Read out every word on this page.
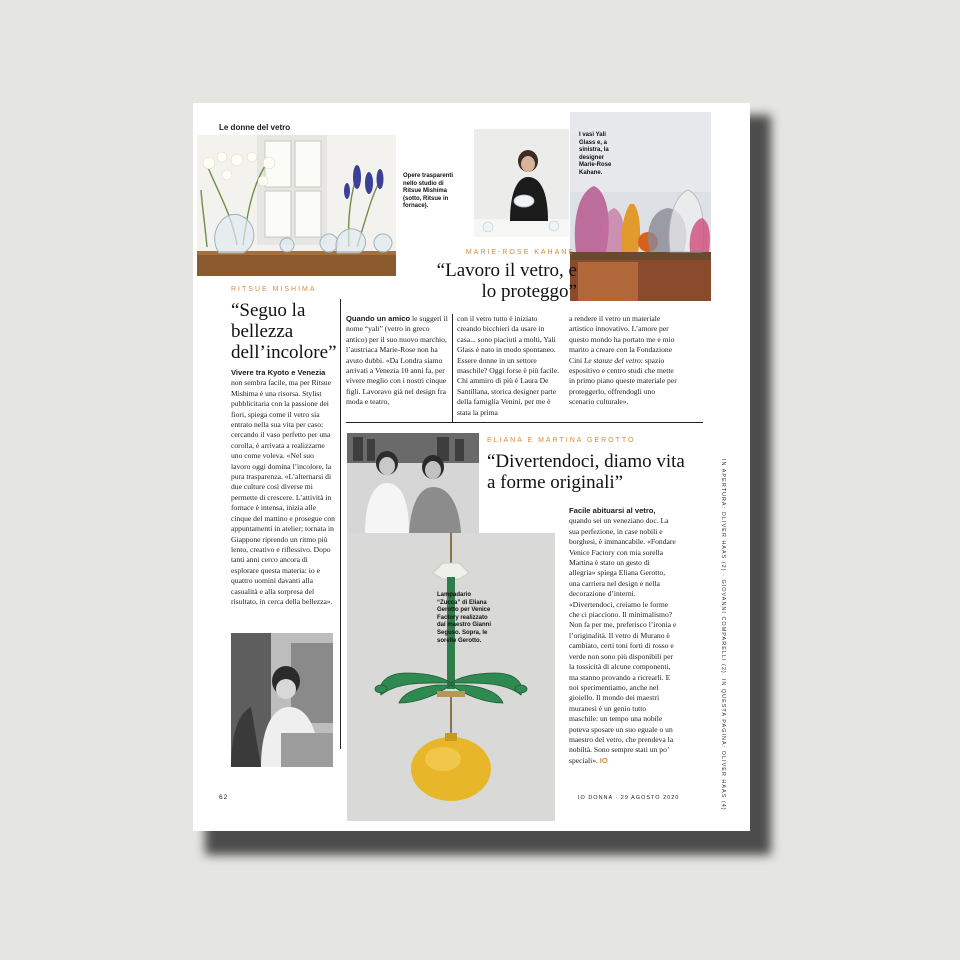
Le donne del vetro

Opere trasparenti nello studio di Ritsue Mishima (sotto, Ritsue in fornace).

I vasi Yali Glass e, a sinistra, la designer Marie-Rose Kahane.

MARIE-ROSE KAHANE
“Lavoro il vetro, e lo proteggo”
RITSUE MISHIMA
“Seguo la bellezza dell’incolore”

Vivere tra Kyoto e Venezia non sembra facile, ma per Ritsue Mishima è una risorsa. Stylist pubblicitaria con la passione dei fiori, spiega come il vetro sia entrato nella sua vita per caso: cercando il vaso perfetto per una corolla, è arrivata a realizzarne uno come voleva. «Nel suo lavoro oggi domina l’incolore, la pura trasparenza. «L’alternarsi di due culture così diverse mi permette di crescere. L’attività in fornace è intensa, inizia alle cinque del mattino e prosegue con appuntamenti in atelier; tornata in Giappone riprendo un ritmo più lento, creativo e riflessivo. Dopo tanti anni cerco ancora di esplorare questa materia: io e quattro uomini davanti alla casualità e alla sorpresa del risultato, in cerca della bellezza».

Quando un amico le suggerì il nome “yali” (vetro in greco antico) per il suo nuovo marchio, l’austriaca Marie-Rose non ha avuto dubbi. «Da Londra siamo arrivati a Venezia 10 anni fa, per vivere meglio con i nostri cinque figli. Lavoravo già nel design fra moda e teatro,

con il vetro tutto è iniziato creando bicchieri da usare in casa... sono piaciuti a molti, Yali Glass è nato in modo spontaneo. Essere donne in un settore maschile? Oggi forse è più facile. Chi ammiro di più è Laura De Santillana, storica designer parte della famiglia Venini, per me è stata la prima

a rendere il vetro un materiale artistico innovativo. L’amore per questo mondo ha portato me e mio marito a creare con la Fondazione Cini Le stanze del vetro: spazio espositivo e centro studi che mette in primo piano queste materiale per proteggerlo, offrendogli uno scenario culturale».

ELIANA E MARTINA GEROTTO
“Divertendoci, diamo vita a forme originali”

Lampadario “Zucca” di Eliana Gerotto per Venice Factory realizzato dal maestro Gianni Seguso. Sopra, le sorelle Gerotto.

Facile abituarsi al vetro, quando sei un veneziano doc. La sua perfezione, in case nobili e borghesi, è immancabile. «Fondare Venice Factory con mia sorella Martina è stato un gesto di allegria» spiega Eliana Gerotto, una carriera nel design e nella decorazione d’interni. «Divertendoci, creiamo le forme che ci piacciono. Il minimalismo? Non fa per me, preferisco l’ironia e l’originalità. Il vetro di Murano è cambiato, certi toni forti di rosso e verde non sono più disponibili per la tossicità di alcune componenti, ma stanno provando a ricrearli. E noi sperimentiamo, anche nel gioiello. Il mondo dei maestri muranesi è un genio tutto maschile: un tempo una nobile poteva sposare un suo eguale o un maestro del vetro, che prendeva la nobiltà. Sono sempre stati un po’ speciali». IO

62	IO DONNA · 29 AGOSTO 2020	IN APERTURA: OLIVER HAAS (2) · GIOVANNI COMPARELLI (2). IN QUESTA PAGINA: OLIVER HAAS (4)
